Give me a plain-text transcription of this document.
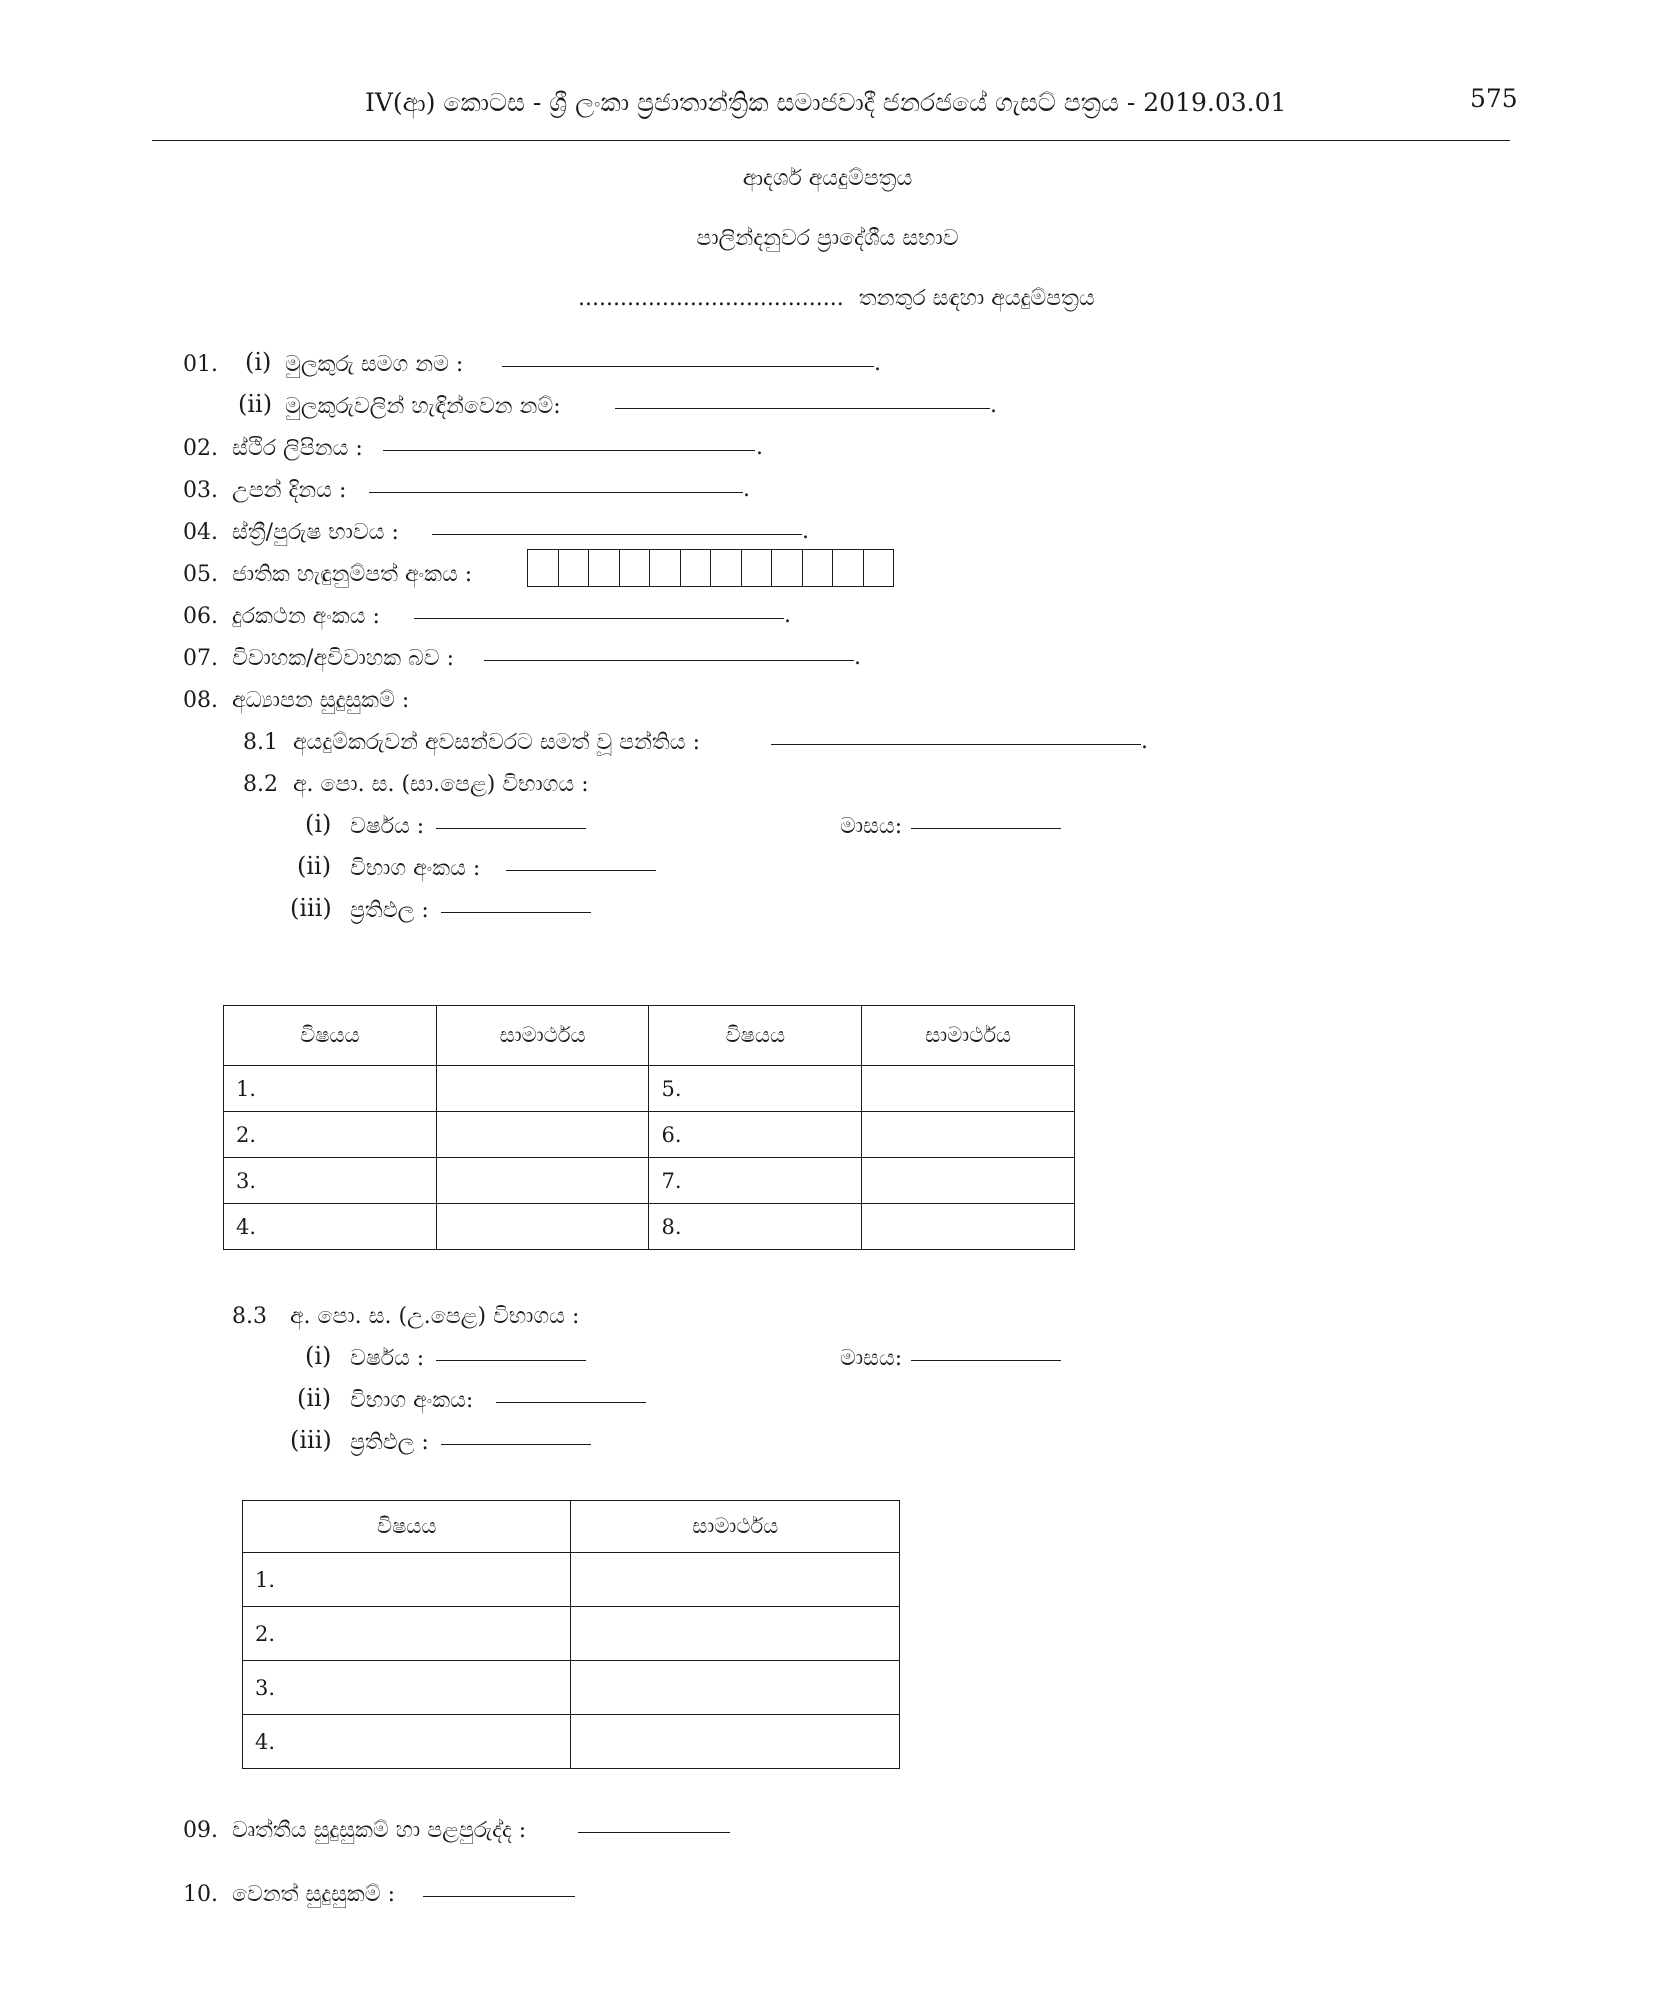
IV(ආ) කොටස - ශ්‍රී ලංකා ප්‍රජාතාන්ත්‍රික සමාජවාදී ජනරජයේ ගැසට් පත්‍රය - 2019.03.01	575
ආදර්ශ අයදුම්පත්‍රය
පාලින්දනුවර ප්‍රාදේශීය සභාව
...................................... තනතුර සඳහා අයදුම්පත්‍රය
01. (i) මුලකුරු සමග නම :	.
(ii) මුලකුරුවලින් හැඳින්වෙන නම්:	.
02. ස්ථිර ලිපිනය :	.
03. උපන් දිනය :	.
04. ස්ත්‍රී/පුරුෂ භාවය :	.
05. ජාතික හැඳුනුම්පත් අංකය :
06. දුරකථන අංකය :	.
07. විවාහක/අවිවාහක බව :	.
08. අධ්‍යාපන සුදුසුකම් :
8.1 අයදුම්කරුවන් අවසන්වරට සමත් වූ පන්තිය :	.
8.2 අ. පො. ස. (සා.පෙළ) විභාගය :
(i) වර්ෂය :	මාසය:
(ii) විභාග අංකය :
(iii) ප්‍රතිඵල :
විෂයය	සාමාර්ථය	විෂයය	සාමාර්ථය
1.		5.	
2.		6.	
3.		7.	
4.		8.	
8.3 අ. පො. ස. (උ.පෙළ) විභාගය :
(i) වර්ෂය :	මාසය:
(ii) විභාග අංකය:
(iii) ප්‍රතිඵල :
විෂයය	සාමාර්ථය
1.	
2.	
3.	
4.	
09. වෘත්තීය සුදුසුකම් හා පළපුරුද්ද :
10. වෙනත් සුදුසුකම් :
